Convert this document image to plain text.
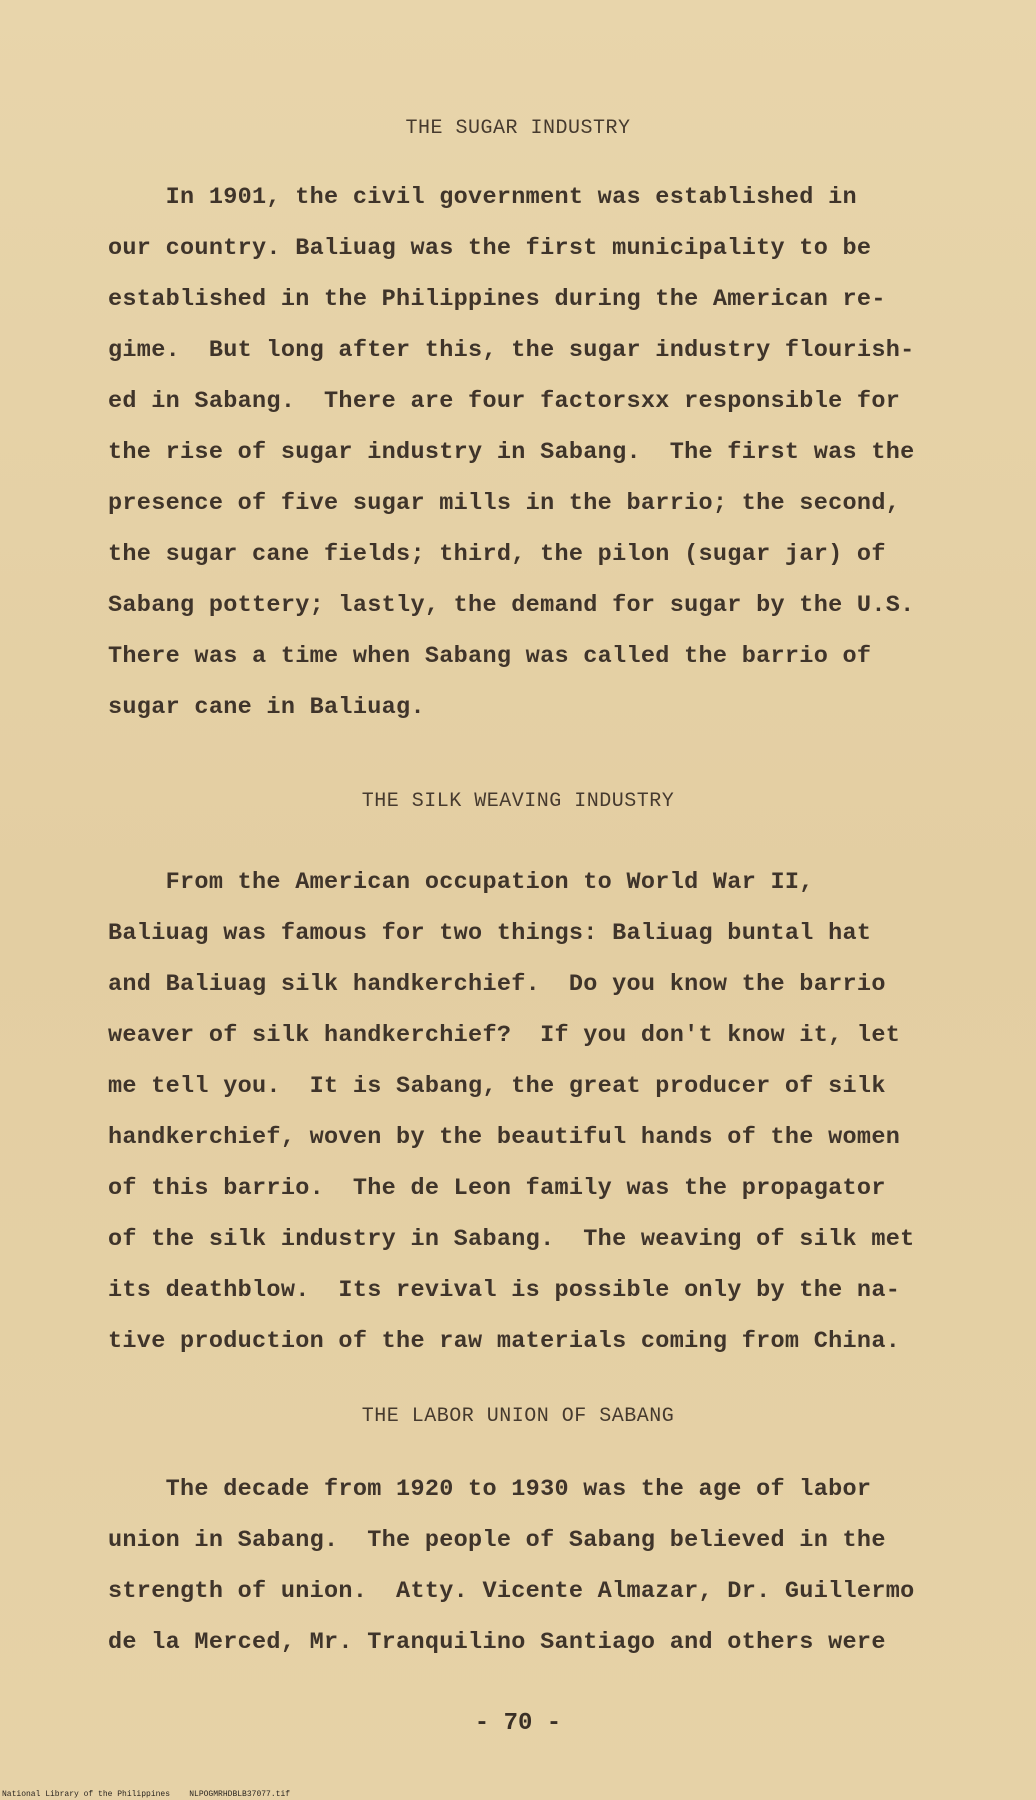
THE SUGAR INDUSTRY
In 1901, the civil government was established in
our country. Baliuag was the first municipality to be
established in the Philippines during the American re-
gime.  But long after this, the sugar industry flourish-
ed in Sabang.  There are four factorsxx responsible for
the rise of sugar industry in Sabang.  The first was the
presence of five sugar mills in the barrio; the second,
the sugar cane fields; third, the pilon (sugar jar) of
Sabang pottery; lastly, the demand for sugar by the U.S.
There was a time when Sabang was called the barrio of
sugar cane in Baliuag.
THE SILK WEAVING INDUSTRY
From the American occupation to World War II,
Baliuag was famous for two things: Baliuag buntal hat
and Baliuag silk handkerchief.  Do you know the barrio
weaver of silk handkerchief?  If you don't know it, let
me tell you.  It is Sabang, the great producer of silk
handkerchief, woven by the beautiful hands of the women
of this barrio.  The de Leon family was the propagator
of the silk industry in Sabang.  The weaving of silk met
its deathblow.  Its revival is possible only by the na-
tive production of the raw materials coming from China.
THE LABOR UNION OF SABANG
The decade from 1920 to 1930 was the age of labor
union in Sabang.  The people of Sabang believed in the
strength of union.  Atty. Vicente Almazar, Dr. Guillermo
de la Merced, Mr. Tranquilino Santiago and others were
- 70 -
National Library of the Philippines    NLPOGMRHDBLB37077.tif
